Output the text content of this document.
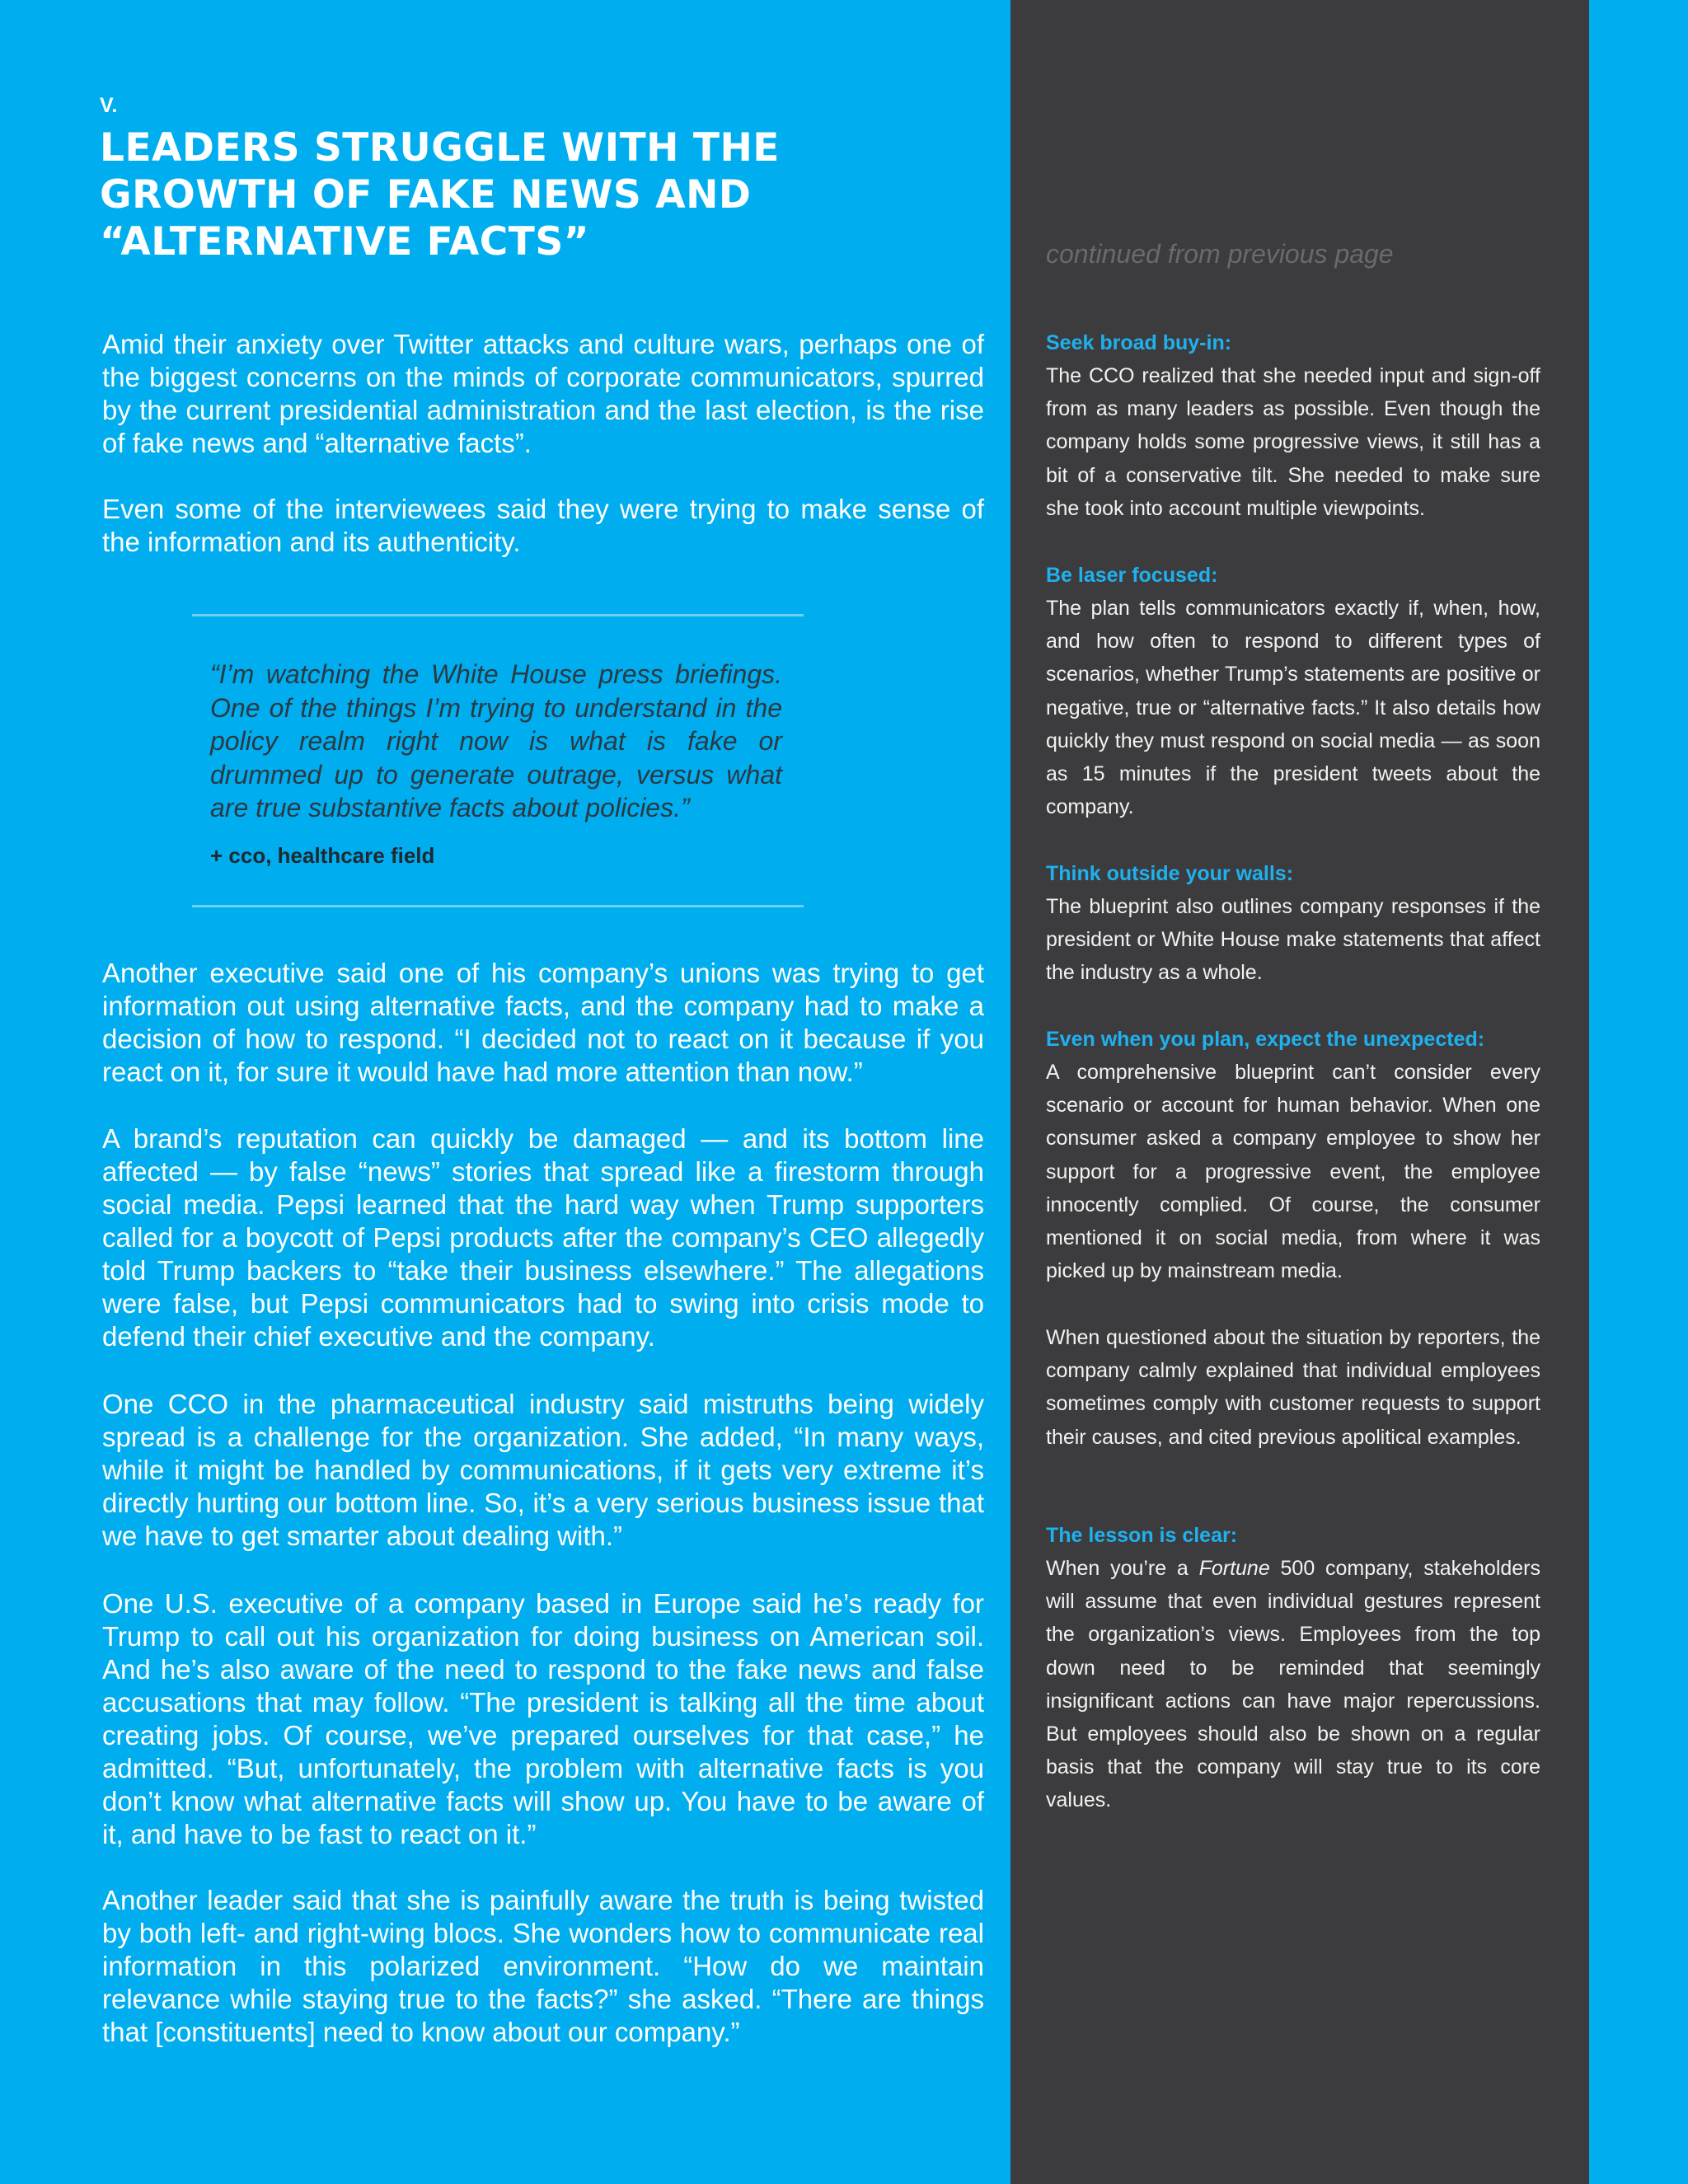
V.

LEADERS STRUGGLE WITH THE
GROWTH OF FAKE NEWS AND
“ALTERNATIVE FACTS”

Amid their anxiety over Twitter attacks and culture wars, perhaps one of the biggest concerns on the minds of corporate communicators, spurred by the current presidential administration and the last election, is the rise of fake news and “alternative facts”.

Even some of the interviewees said they were trying to make sense of the information and its authenticity.

“I’m watching the White House press briefings. One of the things I’m trying to understand in the policy realm right now is what is fake or drummed up to generate outrage, versus what are true substantive facts about policies.”

+ cco, healthcare field

Another executive said one of his company’s unions was trying to get information out using alternative facts, and the company had to make a decision of how to respond. “I decided not to react on it because if you react on it, for sure it would have had more attention than now.”

A brand’s reputation can quickly be damaged — and its bottom line affected — by false “news” stories that spread like a firestorm through social media. Pepsi learned that the hard way when Trump supporters called for a boycott of Pepsi products after the company’s CEO allegedly told Trump backers to “take their business elsewhere.” The allegations were false, but Pepsi communicators had to swing into crisis mode to defend their chief executive and the company.

One CCO in the pharmaceutical industry said mistruths being widely spread is a challenge for the organization. She added, “In many ways, while it might be handled by communications, if it gets very extreme it’s directly hurting our bottom line. So, it’s a very serious business issue that we have to get smarter about dealing with.”

One U.S. executive of a company based in Europe said he’s ready for Trump to call out his organization for doing business on American soil. And he’s also aware of the need to respond to the fake news and false accusations that may follow. “The president is talking all the time about creating jobs. Of course, we’ve prepared ourselves for that case,” he admitted. “But, unfortunately, the problem with alternative facts is you don’t know what alternative facts will show up. You have to be aware of it, and have to be fast to react on it.”

Another leader said that she is painfully aware the truth is being twisted by both left- and right-wing blocs. She wonders how to communicate real information in this polarized environment. “How do we maintain relevance while staying true to the facts?” she asked. “There are things that [constituents] need to know about our company.”

continued from previous page

Seek broad buy-in:

The CCO realized that she needed input and sign-off from as many leaders as possible. Even though the company holds some progressive views, it still has a bit of a conservative tilt. She needed to make sure she took into account multiple viewpoints.

Be laser focused:

The plan tells communicators exactly if, when, how, and how often to respond to different types of scenarios, whether Trump’s statements are positive or negative, true or “alternative facts.” It also details how quickly they must respond on social media — as soon as 15 minutes if the president tweets about the company.

Think outside your walls:

The blueprint also outlines company responses if the president or White House make statements that affect the industry as a whole.

Even when you plan, expect the unexpected:

A comprehensive blueprint can’t consider every scenario or account for human behavior. When one consumer asked a company employee to show her support for a progressive event, the employee innocently complied. Of course, the consumer mentioned it on social media, from where it was picked up by mainstream media.

When questioned about the situation by reporters, the company calmly explained that individual employees sometimes comply with customer requests to support their causes, and cited previous apolitical examples.

The lesson is clear:

When you’re a Fortune 500 company, stakeholders will assume that even individual gestures represent the organization’s views. Employees from the top down need to be reminded that seemingly insignificant actions can have major repercussions. But employees should also be shown on a regular basis that the company will stay true to its core values.
